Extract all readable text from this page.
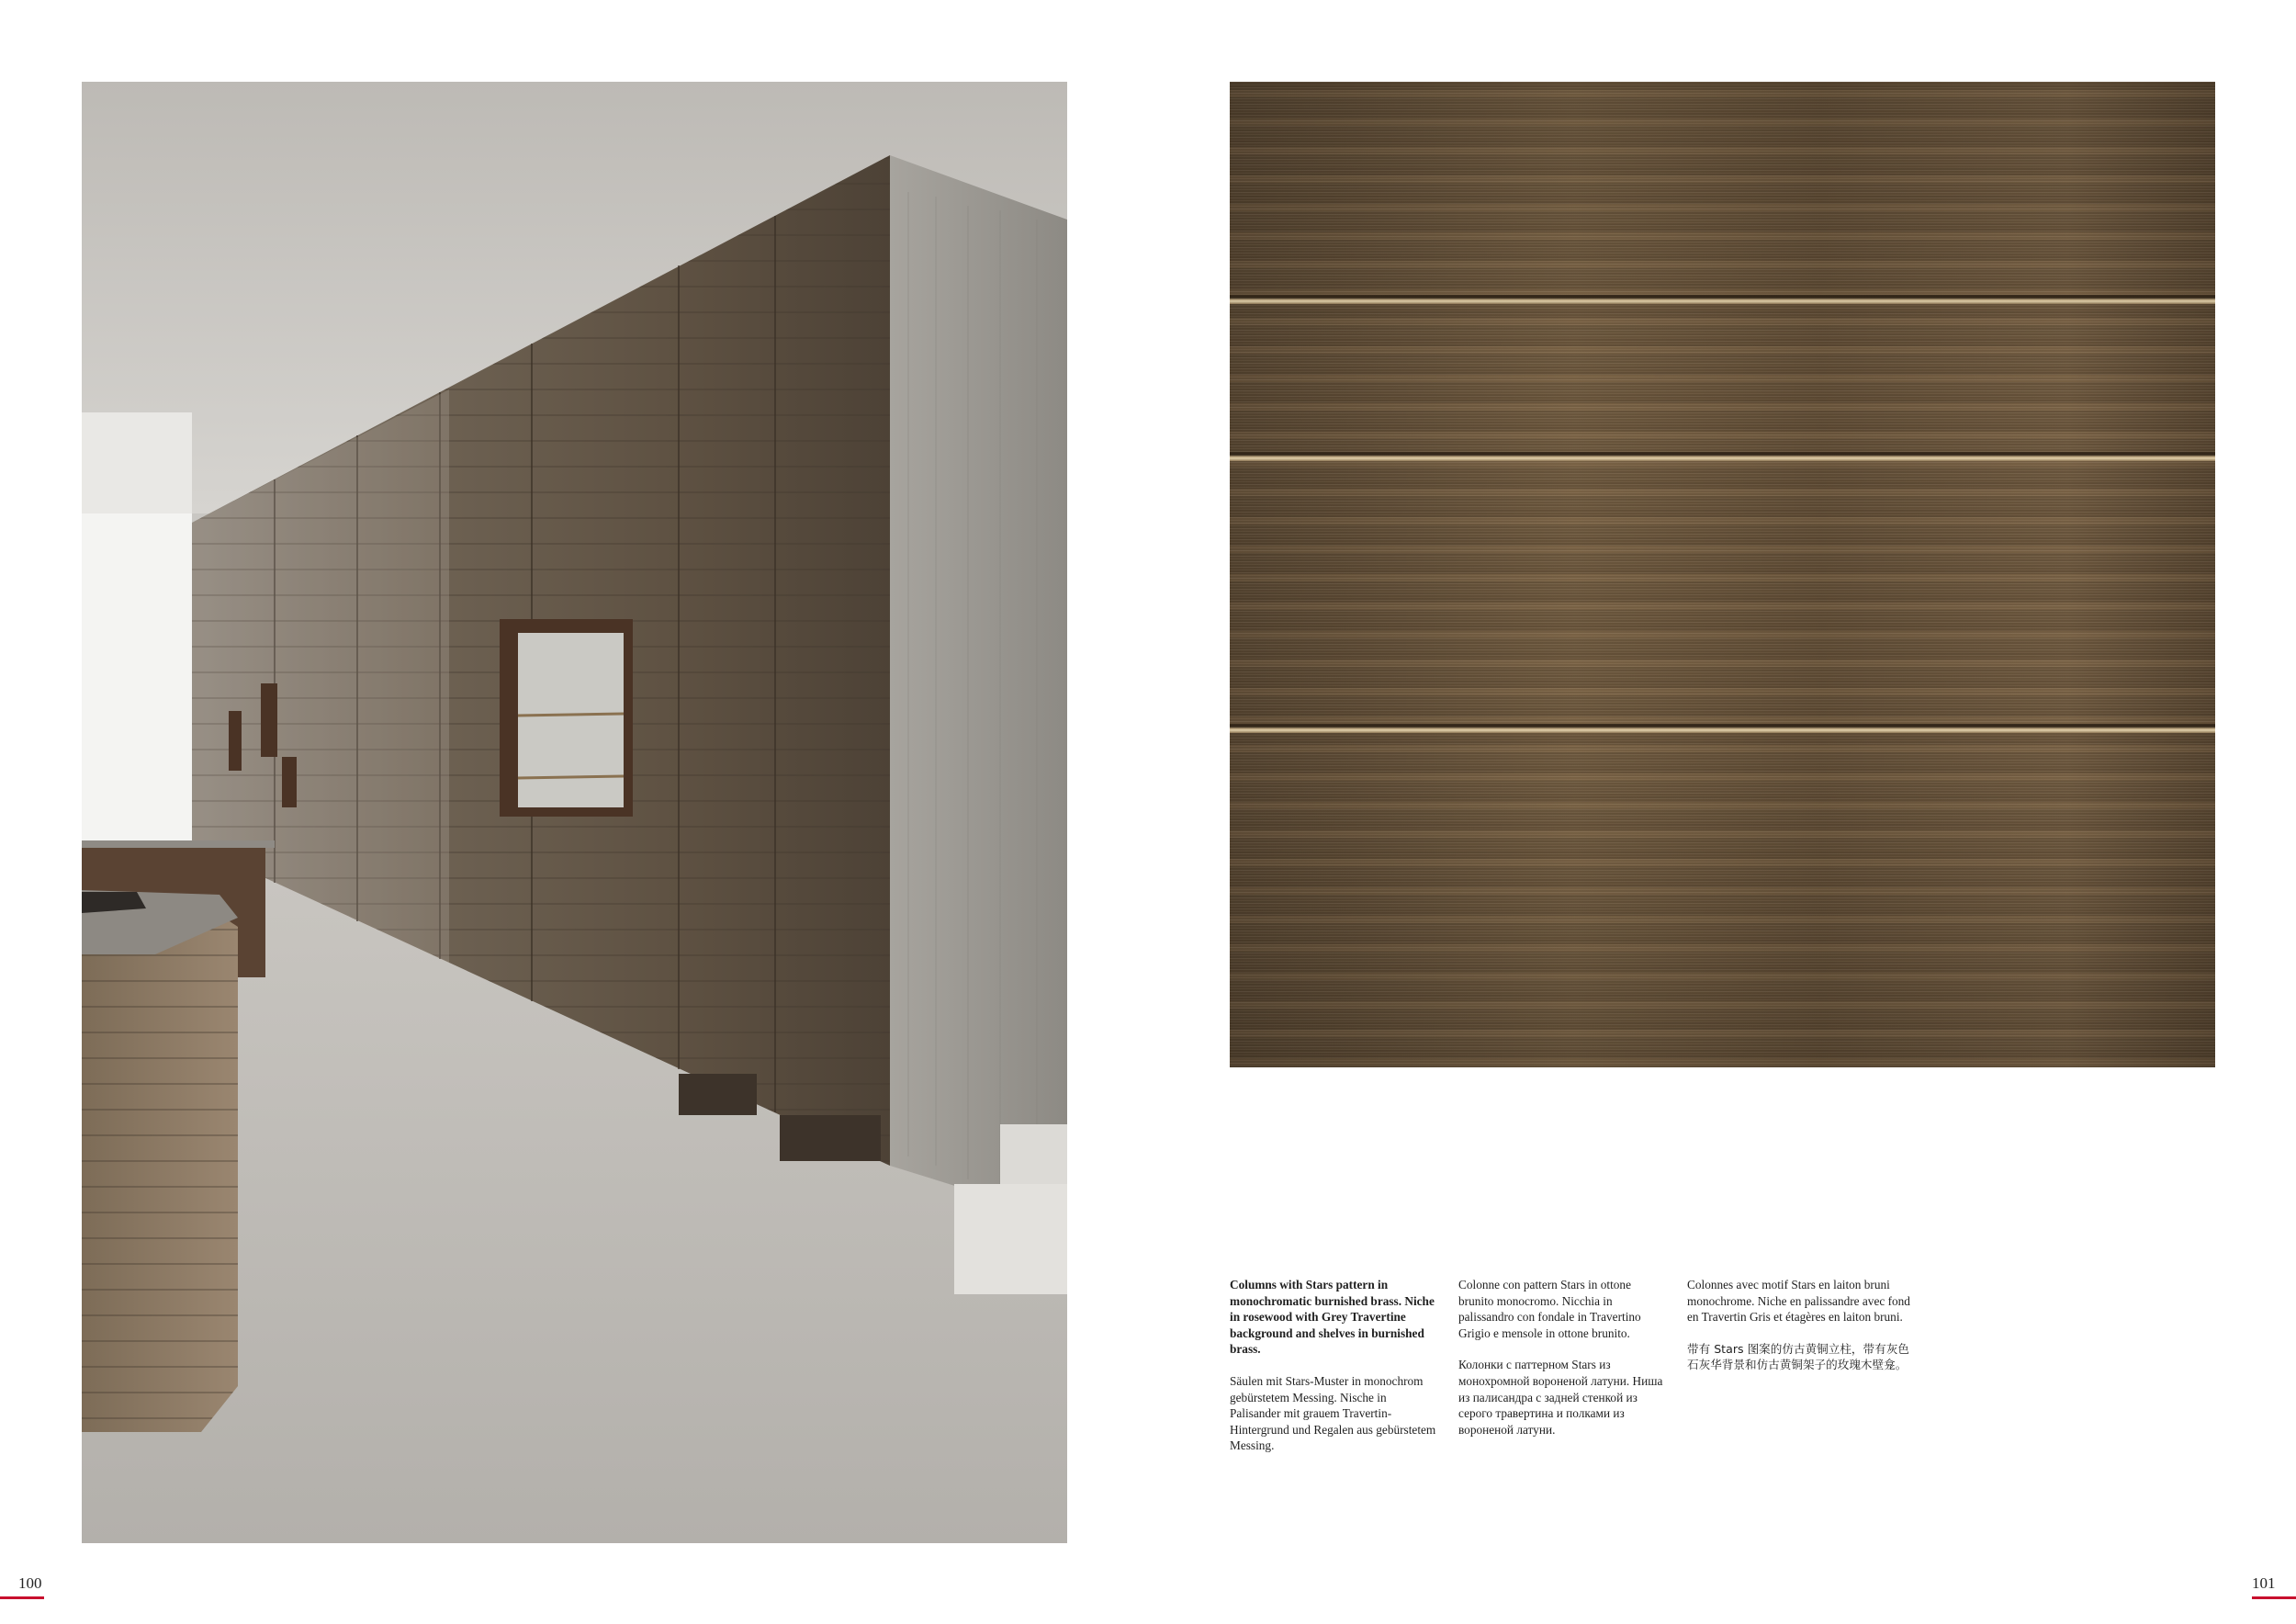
Columns with Stars pattern in monochromatic burnished brass. Niche in rosewood with Grey Travertine background and shelves in burnished brass.

Säulen mit Stars-Muster in monochrom gebürstetem Messing. Nische in Palisander mit grauem Travertin-Hintergrund und Regalen aus gebürstetem Messing.

Colonne con pattern Stars in ottone brunito monocromo. Nicchia in palissandro con fondale in Travertino Grigio e mensole in ottone brunito.

Колонки с паттерном Stars из монохромной вороненой латуни. Ниша из палисандра с задней стенкой из серого травертина и полками из вороненой латуни.

Colonnes avec motif Stars en laiton bruni monochrome. Niche en palissandre avec fond en Travertin Gris et étagères en laiton bruni.

带有 Stars 图案的仿古黄铜立柱，带有灰色石灰华背景和仿古黄铜架子的玫瑰木壁龛。

100	101
